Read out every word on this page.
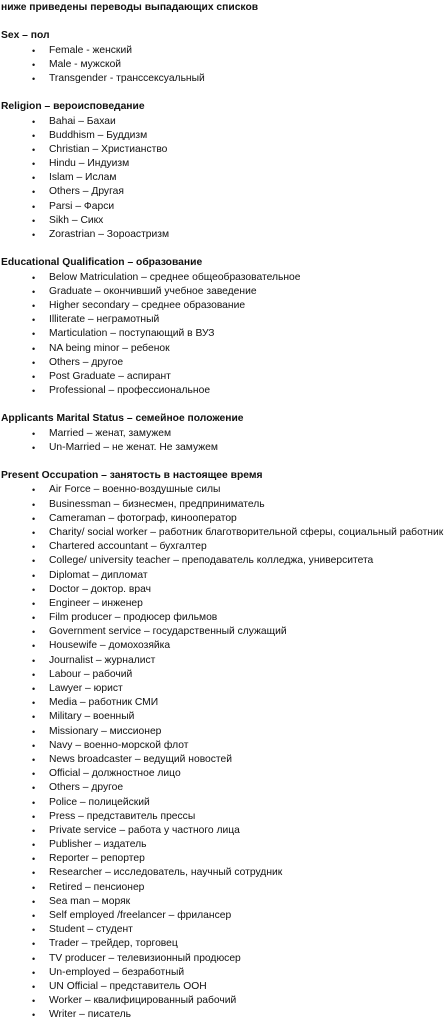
ниже приведены переводы выпадающих списков
Sex – пол
•	Female - женский
•	Male - мужской
•	Transgender - транссексуальный
Religion – вероисповедание
•	Bahai – Бахаи
•	Buddhism – Буддизм
•	Christian – Христианство
•	Hindu – Индуизм
•	Islam – Ислам
•	Others – Другая
•	Parsi – Фарси
•	Sikh – Сикх
•	Zorastrian – Зороастризм
Educational Qualification – образование
•	Below Matriculation – среднее общеобразовательное
•	Graduate – окончивший учебное заведение
•	Higher secondary – среднее образование
•	Illiterate – неграмотный
•	Marticulation – поступающий в ВУЗ
•	NA being minor – ребенок
•	Others – другое
•	Post Graduate – аспирант
•	Professional – профессиональное
Applicants Marital Status – семейное положение
•	Married – женат, замужем
•	Un-Married – не женат. Не замужем
Present Occupation – занятость в настоящее время
•	Air Force – военно-воздушные силы
•	Businessman – бизнесмен, предприниматель
•	Cameraman – фотограф, кинооператор
•	Charity/ social worker – работник благотворительной сферы, социальный работник
•	Chartered accountant – бухгалтер
•	College/ university teacher – преподаватель колледжа, университета
•	Diplomat – дипломат
•	Doctor – доктор. врач
•	Engineer – инженер
•	Film producer – продюсер фильмов
•	Government service – государственный служащий
•	Housewife – домохозяйка
•	Journalist – журналист
•	Labour – рабочий
•	Lawyer – юрист
•	Media – работник СМИ
•	Military – военный
•	Missionary – миссионер
•	Navy – военно-морской флот
•	News broadcaster – ведущий новостей
•	Official – должностное лицо
•	Others – другое
•	Police – полицейский
•	Press – представитель прессы
•	Private service – работа у частного лица
•	Publisher – издатель
•	Reporter – репортер
•	Researcher – исследователь, научный сотрудник
•	Retired – пенсионер
•	Sea man – моряк
•	Self employed /freelancer – фрилансер
•	Student – студент
•	Trader – трейдер, торговец
•	TV producer – телевизионный продюсер
•	Un-employed – безработный
•	UN Official – представитель ООН
•	Worker – квалифицированный рабочий
•	Writer – писатель
